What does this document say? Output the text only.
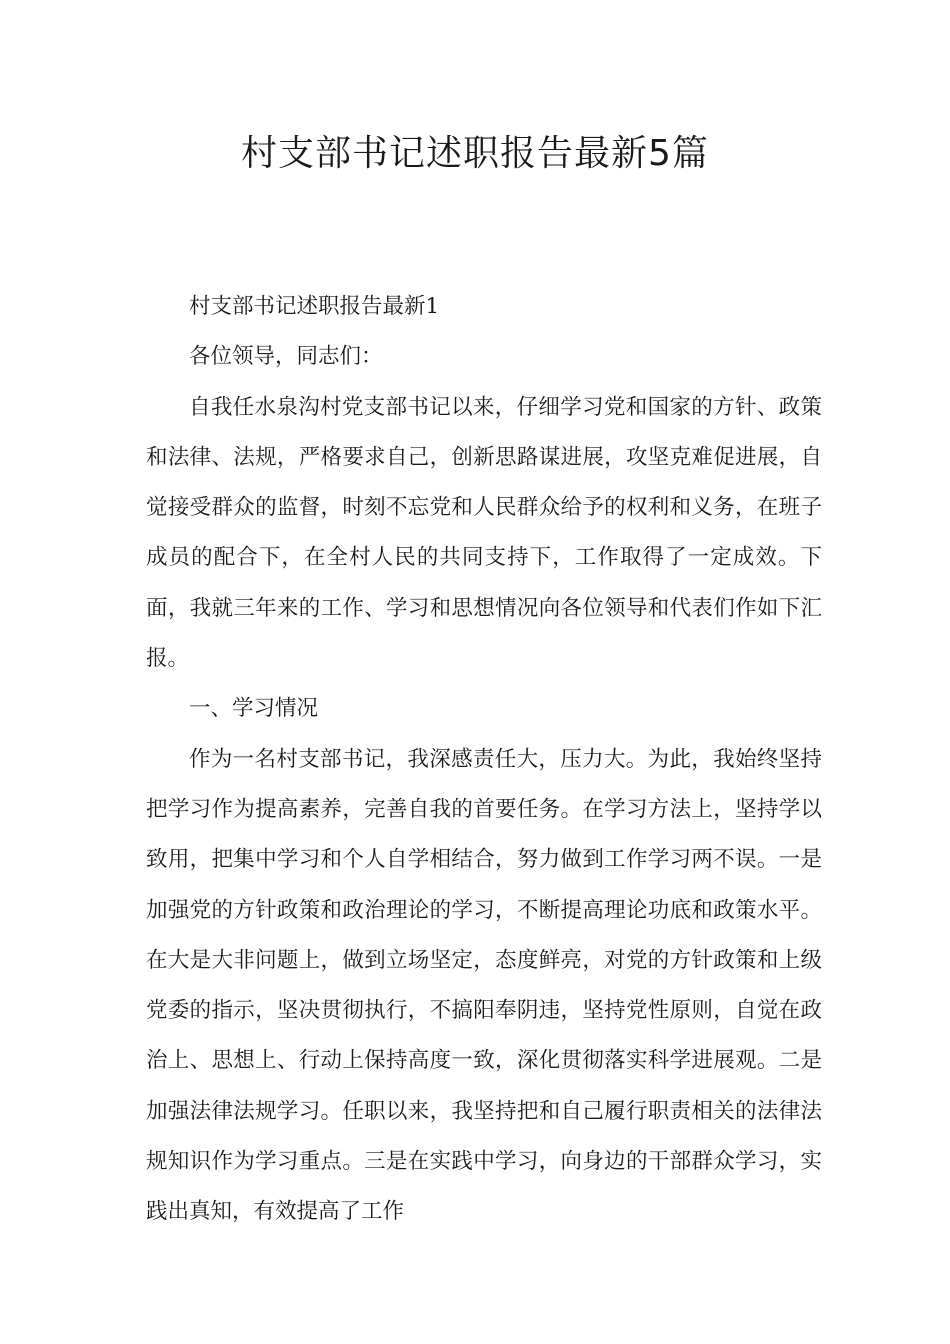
村支部书记述职报告最新5篇

村支部书记述职报告最新1

各位领导，同志们：

自我任水泉沟村党支部书记以来，仔细学习党和国家的方针、政策和法律、法规，严格要求自己，创新思路谋进展，攻坚克难促进展，自觉接受群众的监督，时刻不忘党和人民群众给予的权利和义务，在班子成员的配合下，在全村人民的共同支持下，工作取得了一定成效。下面，我就三年来的工作、学习和思想情况向各位领导和代表们作如下汇报。

一、学习情况

作为一名村支部书记，我深感责任大，压力大。为此，我始终坚持把学习作为提高素养，完善自我的首要任务。在学习方法上，坚持学以致用，把集中学习和个人自学相结合，努力做到工作学习两不误。一是加强党的方针政策和政治理论的学习，不断提高理论功底和政策水平。在大是大非问题上，做到立场坚定，态度鲜亮，对党的方针政策和上级党委的指示，坚决贯彻执行，不搞阳奉阴违，坚持党性原则，自觉在政治上、思想上、行动上保持高度一致，深化贯彻落实科学进展观。二是加强法律法规学习。任职以来，我坚持把和自己履行职责相关的法律法规知识作为学习重点。三是在实践中学习，向身边的干部群众学习，实践出真知，有效提高了工作
